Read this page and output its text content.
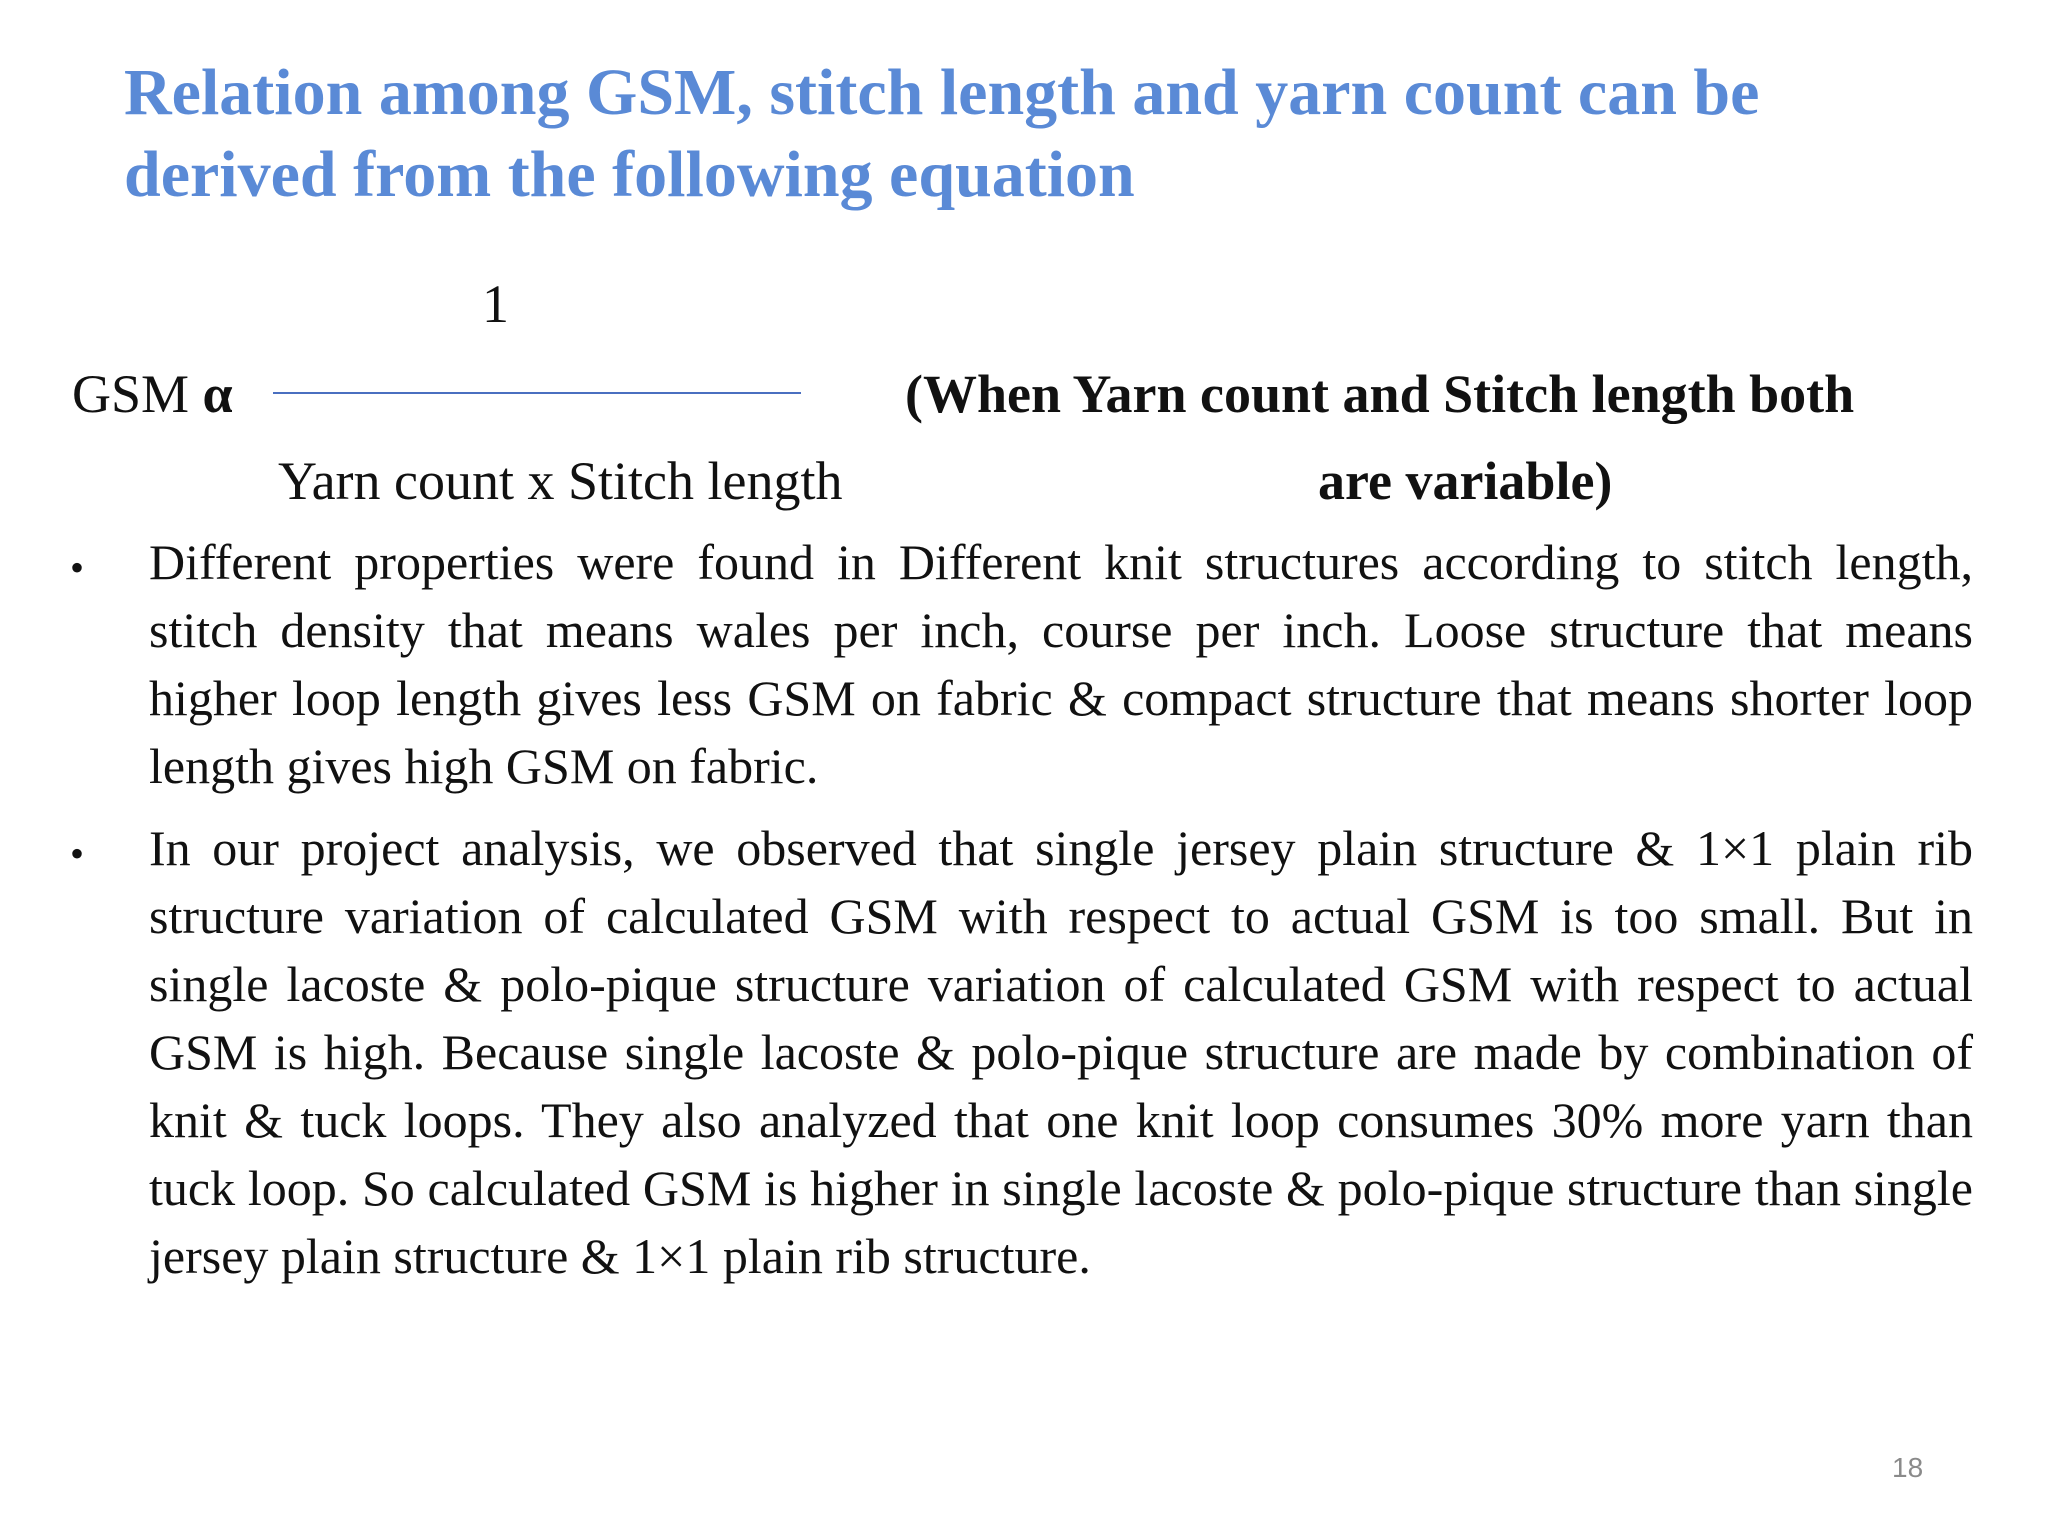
Relation among GSM, stitch length and yarn count can be derived from the following equation
1
GSM α	(When Yarn count and Stitch length both
Yarn count x Stitch length	are variable)
• Different properties were found in Different knit structures according to stitch length, stitch density that means wales per inch, course per inch. Loose structure that means higher loop length gives less GSM on fabric & compact structure that means shorter loop length gives high GSM on fabric.
• In our project analysis, we observed that single jersey plain structure & 1×1 plain rib structure variation of calculated GSM with respect to actual GSM is too small. But in single lacoste & polo-pique structure variation of calculated GSM with respect to actual GSM is high. Because single lacoste & polo-pique structure are made by combination of knit & tuck loops. They also analyzed that one knit loop consumes 30% more yarn than tuck loop. So calculated GSM is higher in single lacoste & polo-pique structure than single jersey plain structure & 1×1 plain rib structure.
18
